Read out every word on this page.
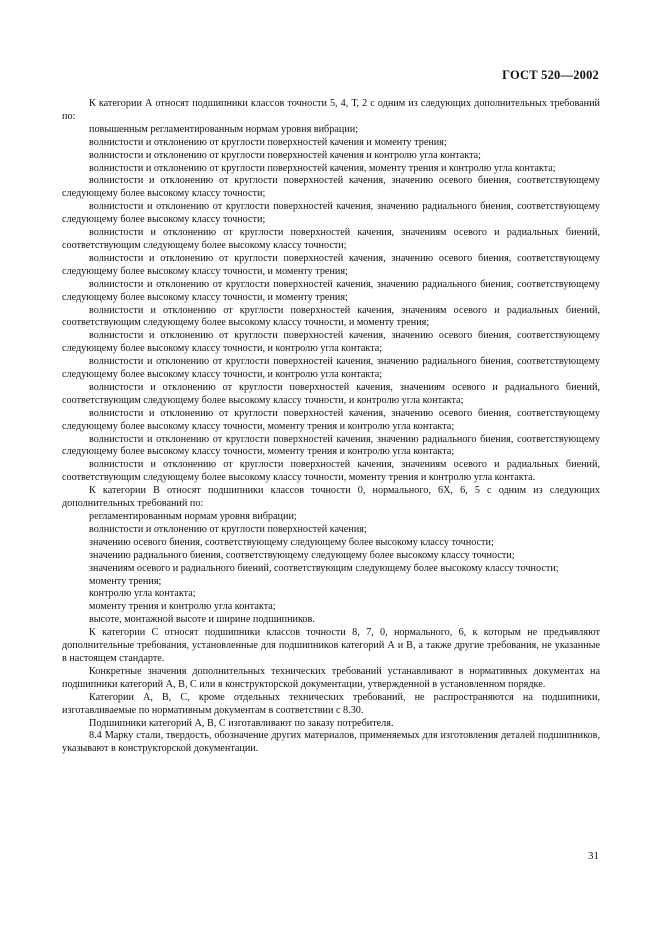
ГОСТ 520—2002

К категории А относят подшипники классов точности 5, 4, Т, 2 с одним из следующих дополнительных требований по:

повышенным регламентированным нормам уровня вибрации;

волнистости и отклонению от круглости поверхностей качения и моменту трения;

волнистости и отклонению от круглости поверхностей качения и контролю угла контакта;

волнистости и отклонению от круглости поверхностей качения, моменту трения и контролю угла контакта;

волнистости и отклонению от круглости поверхностей качения, значению осевого биения, соответствующему следующему более высокому классу точности;

волнистости и отклонению от круглости поверхностей качения, значению радиального биения, соответствующему следующему более высокому классу точности;

волнистости и отклонению от круглости поверхностей качения, значениям осевого и радиальных биений, соответствующим следующему более высокому классу точности;

волнистости и отклонению от круглости поверхностей качения, значению осевого биения, соответствующему следующему более высокому классу точности, и моменту трения;

волнистости и отклонению от круглости поверхностей качения, значению радиального биения, соответствующему следующему более высокому классу точности, и моменту трения;

волнистости и отклонению от круглости поверхностей качения, значениям осевого и радиальных биений, соответствующим следующему более высокому классу точности, и моменту трения;

волнистости и отклонению от круглости поверхностей качения, значению осевого биения, соответствующему следующему более высокому классу точности, и контролю угла контакта;

волнистости и отклонению от круглости поверхностей качения, значению радиального биения, соответствующему следующему более высокому классу точности, и контролю угла контакта;

волнистости и отклонению от круглости поверхностей качения, значениям осевого и радиального биений, соответствующим следующему более высокому классу точности, и контролю угла контакта;

волнистости и отклонению от круглости поверхностей качения, значению осевого биения, соответствующему следующему более высокому классу точности, моменту трения и контролю угла контакта;

волнистости и отклонению от круглости поверхностей качения, значению радиального биения, соответствующему следующему более высокому классу точности, моменту трения и контролю угла контакта;

волнистости и отклонению от круглости поверхностей качения, значениям осевого и радиальных биений, соответствующим следующему более высокому классу точности, моменту трения и контролю угла контакта.

К категории В относят подшипники классов точности 0, нормального, 6Х, 6, 5 с одним из следующих дополнительных требований по:

регламентированным нормам уровня вибрации;

волнистости и отклонению от круглости поверхностей качения;

значению осевого биения, соответствующему следующему более высокому классу точности;

значению радиального биения, соответствующему следующему более высокому классу точности;

значениям осевого и радиального биений, соответствующим следующему более высокому классу точности;

моменту трения;

контролю угла контакта;

моменту трения и контролю угла контакта;

высоте, монтажной высоте и ширине подшипников.

К категории С относят подшипники классов точности 8, 7, 0, нормального, 6, к которым не предъявляют дополнительные требования, установленные для подшипников категорий А и В, а также другие требования, не указанные в настоящем стандарте.

Конкретные значения дополнительных технических требований устанавливают в нормативных документах на подшипники категорий А, В, С или в конструкторской документации, утвержденной в установленном порядке.

Категории А, В, С, кроме отдельных технических требований, не распространяются на подшипники, изготавливаемые по нормативным документам в соответствии с 8.30.

Подшипники категорий А, В, С изготавливают по заказу потребителя.

8.4 Марку стали, твердость, обозначение других материалов, применяемых для изготовления деталей подшипников, указывают в конструкторской документации.

31
